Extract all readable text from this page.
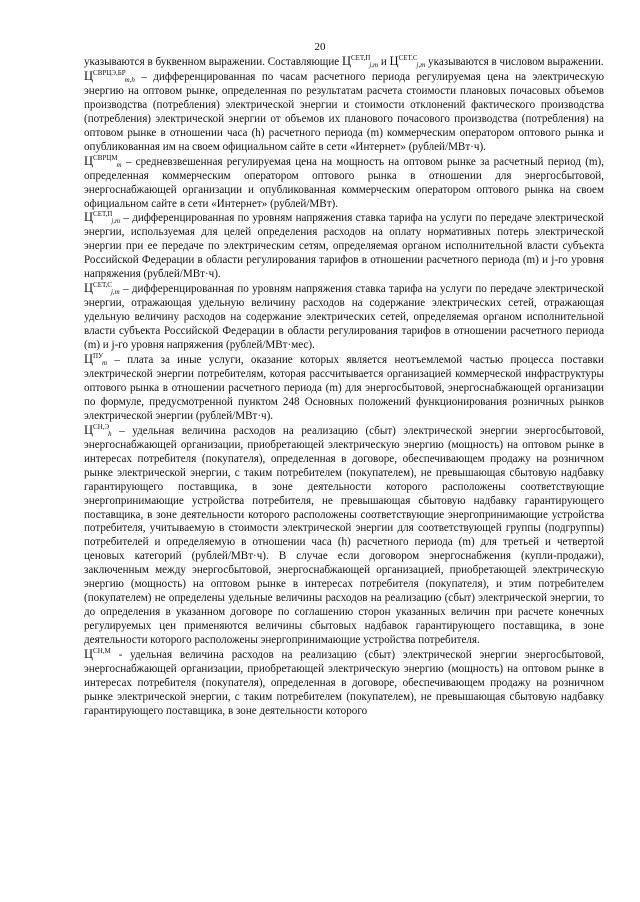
20

указываются в буквенном выражении. Составляющие $Ц^{СЕТ,П}_{j,m}$ и $Ц^{СЕТ,С}_{j,m}$ указываются в числовом выражении.

$Ц^{СВРЦЭ,БР}_{m,h}$ – дифференцированная по часам расчетного периода регулируемая цена на электрическую энергию на оптовом рынке, определенная по результатам расчета стоимости плановых почасовых объемов производства (потребления) электрической энергии и стоимости отклонений фактического производства (потребления) электрической энергии от объемов их планового почасового производства (потребления) на оптовом рынке в отношении часа (h) расчетного периода (m) коммерческим оператором оптового рынка и опубликованная им на своем официальном сайте в сети «Интернет» (рублей/МВт·ч).

$Ц^{СВРЦМ}_m$ – средневзвешенная регулируемая цена на мощность на оптовом рынке за расчетный период (m), определенная коммерческим оператором оптового рынка в отношении для энергосбытовой, энергоснабжающей организации и опубликованная коммерческим оператором оптового рынка на своем официальном сайте в сети «Интернет» (рублей/МВт).

$Ц^{СЕТ,П}_{j,m}$ – дифференцированная по уровням напряжения ставка тарифа на услуги по передаче электрической энергии, используемая для целей определения расходов на оплату нормативных потерь электрической энергии при ее передаче по электрическим сетям, определяемая органом исполнительной власти субъекта Российской Федерации в области регулирования тарифов в отношении расчетного периода (m) и j-го уровня напряжения (рублей/МВт·ч).

$Ц^{СЕТ,С}_{j,m}$ – дифференцированная по уровням напряжения ставка тарифа на услуги по передаче электрической энергии, отражающая удельную величину расходов на содержание электрических сетей, отражающая удельную величину расходов на содержание электрических сетей, определяемая органом исполнительной власти субъекта Российской Федерации в области регулирования тарифов в отношении расчетного периода (m) и j-го уровня напряжения (рублей/МВт·мес).

$Ц^{ПУ}_m$ – плата за иные услуги, оказание которых является неотъемлемой частью процесса поставки электрической энергии потребителям, которая рассчитывается организацией коммерческой инфраструктуры оптового рынка в отношении расчетного периода (m) для энергосбытовой, энергоснабжающей организации по формуле, предусмотренной пунктом 248 Основных положений функционирования розничных рынков электрической энергии (рублей/МВт·ч).

$Ц^{СН,Э}_h$ – удельная величина расходов на реализацию (сбыт) электрической энергии энергосбытовой, энергоснабжающей организации, приобретающей электрическую энергию (мощность) на оптовом рынке в интересах потребителя (покупателя), определенная в договоре, обеспечивающем продажу на розничном рынке электрической энергии, с таким потребителем (покупателем), не превышающая сбытовую надбавку гарантирующего поставщика, в зоне деятельности которого расположены соответствующие энергопринимающие устройства потребителя, не превышающая сбытовую надбавку гарантирующего поставщика, в зоне деятельности которого расположены соответствующие энергопринимающие устройства потребителя, учитываемую в стоимости электрической энергии для соответствующей группы (подгруппы) потребителей и определяемую в отношении часа (h) расчетного периода (m) для третьей и четвертой ценовых категорий (рублей/МВт·ч). В случае если договором энергоснабжения (купли-продажи), заключенным между энергосбытовой, энергоснабжающей организацией, приобретающей электрическую энергию (мощность) на оптовом рынке в интересах потребителя (покупателя), и этим потребителем (покупателем) не определены удельные величины расходов на реализацию (сбыт) электрической энергии, то до определения в указанном договоре по соглашению сторон указанных величин при расчете конечных регулируемых цен применяются величины сбытовых надбавок гарантирующего поставщика, в зоне деятельности которого расположены энергопринимающие устройства потребителя.

$Ц^{СН,М}$ - удельная величина расходов на реализацию (сбыт) электрической энергии энергосбытовой, энергоснабжающей организации, приобретающей электрическую энергию (мощность) на оптовом рынке в интересах потребителя (покупателя), определенная в договоре, обеспечивающем продажу на розничном рынке электрической энергии, с таким потребителем (покупателем), не превышающая сбытовую надбавку гарантирующего поставщика, в зоне деятельности которого
